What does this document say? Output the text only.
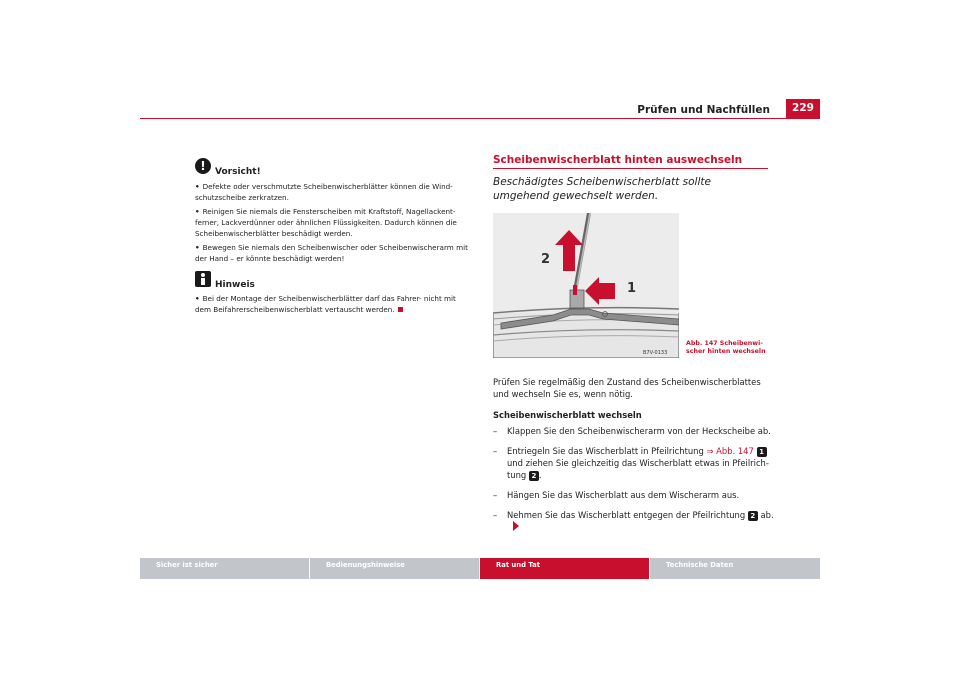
Prüfen und Nachfüllen	229
!	Vorsicht!
• Defekte oder verschmutzte Scheibenwischerblätter können die Wind-schutzscheibe zerkratzen.
• Reinigen Sie niemals die Fensterscheiben mit Kraftstoff, Nagellackent-ferner, Lackverdünner oder ähnlichen Flüssigkeiten. Dadurch können die Scheibenwischerblätter beschädigt werden.
• Bewegen Sie niemals den Scheibenwischer oder Scheibenwischerarm mit der Hand – er könnte beschädigt werden!
Hinweis
• Bei der Montage der Scheibenwischerblätter darf das Fahrer- nicht mit dem Beifahrerscheibenwischerblatt vertauscht werden.
Scheibenwischerblatt hinten auswechseln
Beschädigtes Scheibenwischerblatt sollte umgehend gewechselt werden.
2
1
B7V-0133
Abb. 147 Scheibenwi-scher hinten wechseln
Prüfen Sie regelmäßig den Zustand des Scheibenwischerblattes und wechseln Sie es, wenn nötig.
Scheibenwischerblatt wechseln
– Klappen Sie den Scheibenwischerarm von der Heckscheibe ab.
– Entriegeln Sie das Wischerblatt in Pfeilrichtung ⇒ Abb. 147 1 und ziehen Sie gleichzeitig das Wischerblatt etwas in Pfeilrich-tung 2 .
– Hängen Sie das Wischerblatt aus dem Wischerarm aus.
– Nehmen Sie das Wischerblatt entgegen der Pfeilrichtung 2 ab.
Sicher ist sicher	Bedienungshinweise	Rat und Tat	Technische Daten
